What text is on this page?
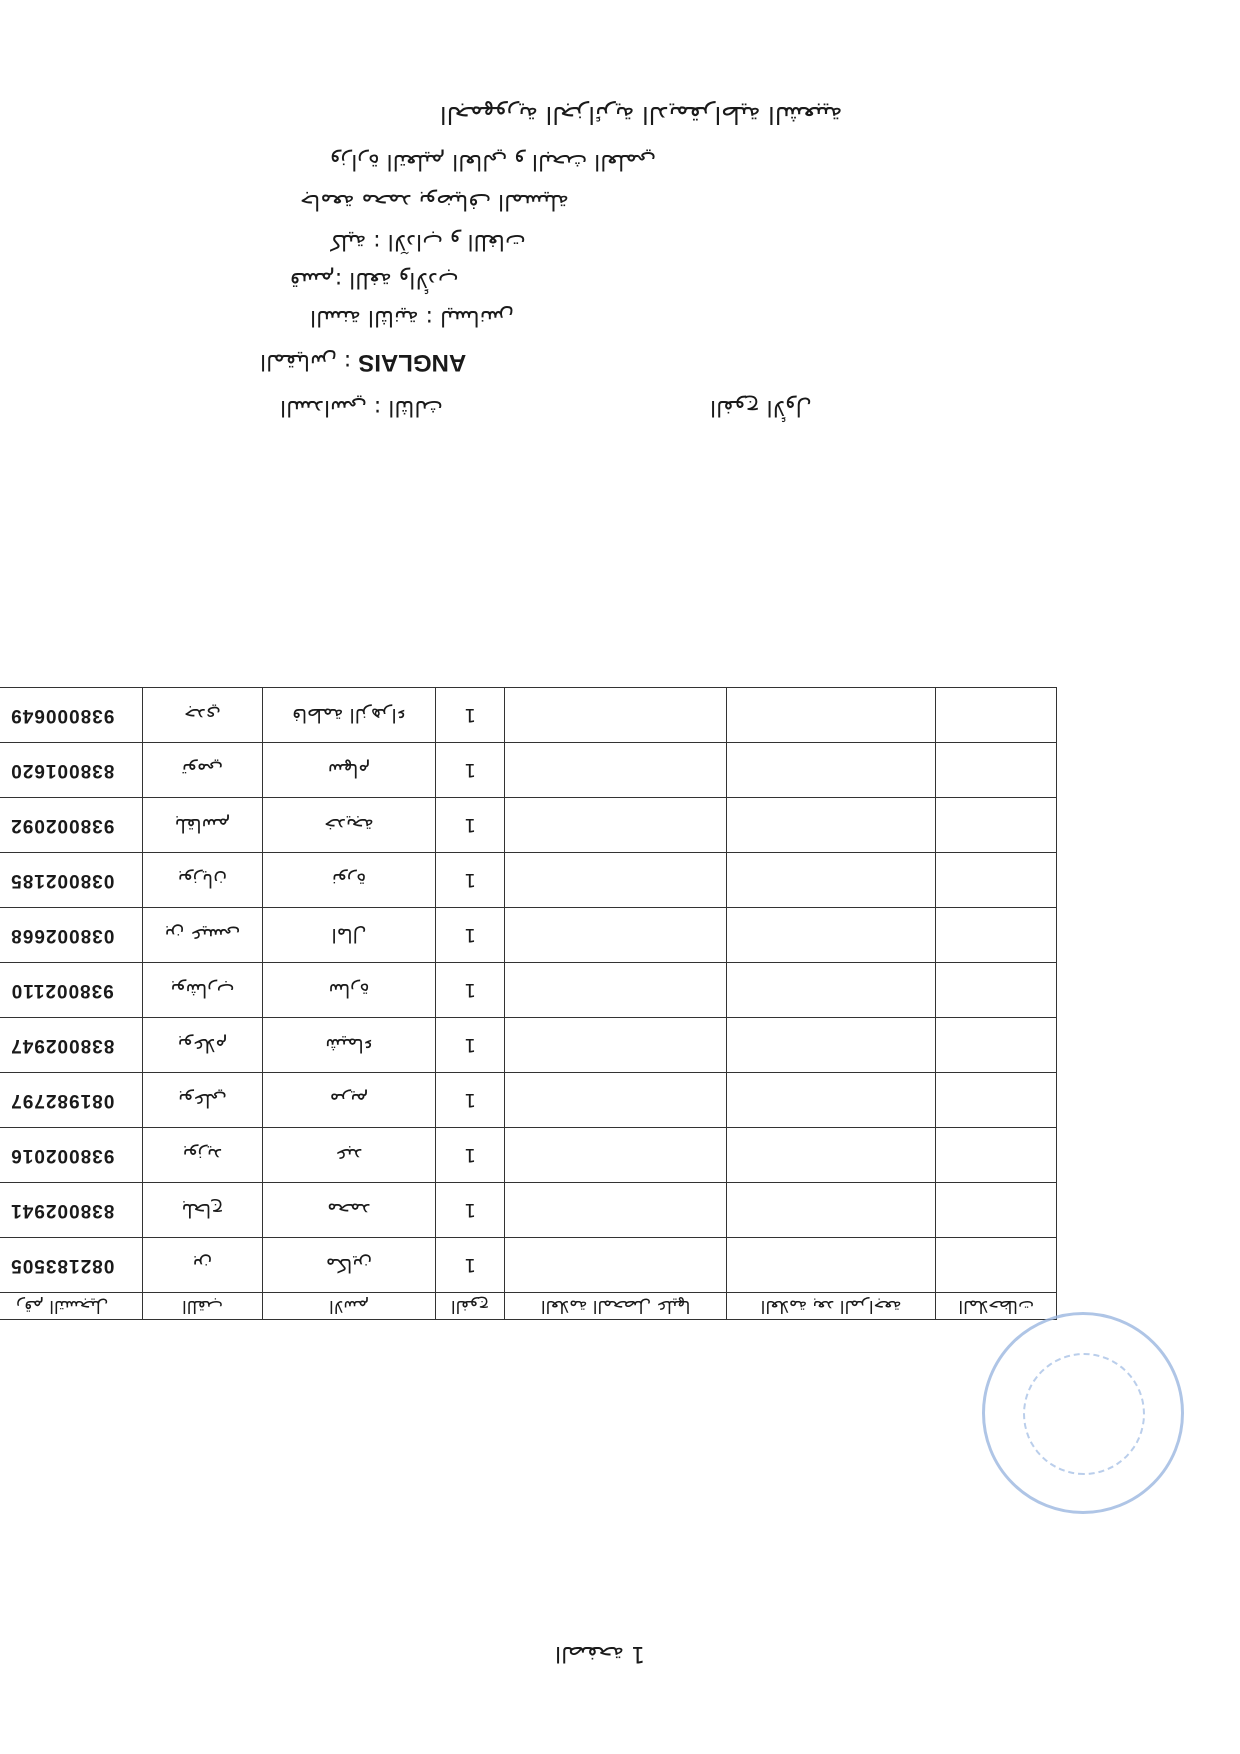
الصفحة 1
الجمهورية الجزائرية الديمقراطية الشعبية
وزارة التعليم العالي و البحث العلمي
جامعة محمد بوضياف المسيلة
كلية : الآداب و اللغات
قسم: اللغة والأدب
السنة الثانية : ليسانس
المقياس : ANGLAIS
السداسي : الثالث	الفوج الأول
رقم التسجيل	اللقب	الاسم	الفوج	العلامة المحصل عليها	العلامة بعد المراجعة	الملاحظات
082183505	بن	مكاين	1			
838002941	بلحاج	محمد	1			
938002016	بوزيد	عبد	1			
081982797	بوعلي	مريم	1			
838002947	بوعلام	شيماء	1			
938002110	بوشارب	سارة	1			
038002668	بن عيسى	امال	1			
038002185	بوزيان	نورة	1			
938002092	بلقاسم	خديجة	1			
838001620	تومي	سهام	1			
938000649	جدي	فاطمة الزهراء	1			
